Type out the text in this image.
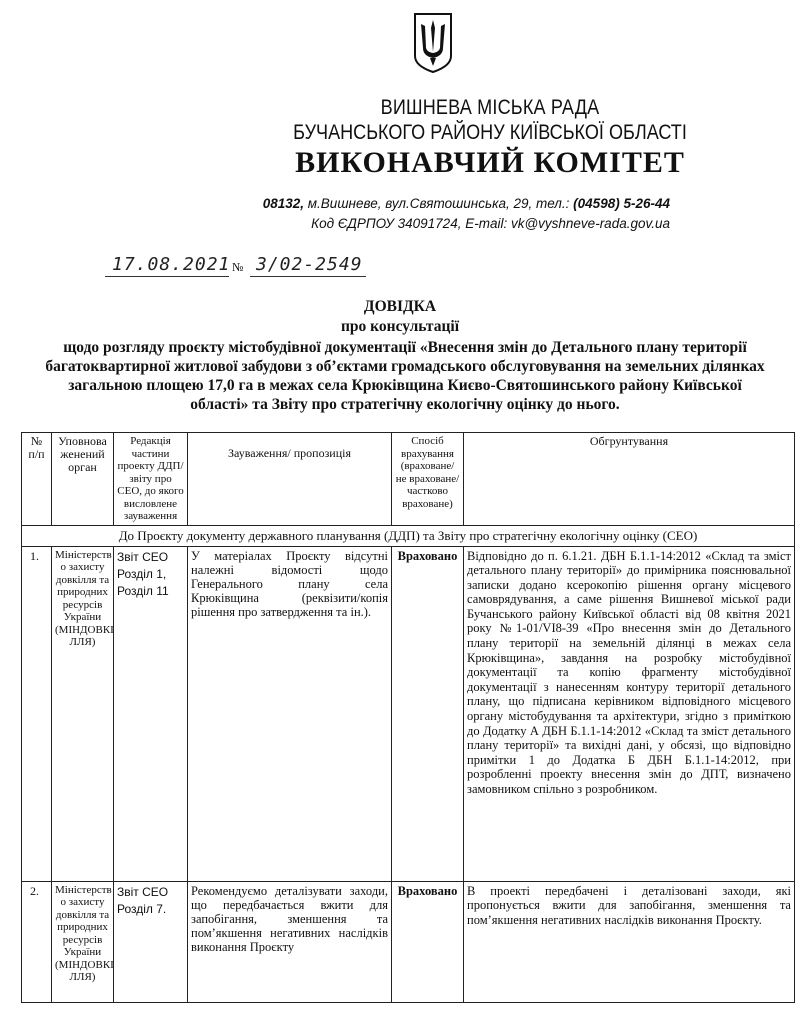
ВИШНЕВА МІСЬКА РАДА
БУЧАНСЬКОГО РАЙОНУ КИЇВСЬКОЇ ОБЛАСТІ
ВИКОНАВЧИЙ КОМІТЕТ
08132, м.Вишневе, вул.Святошинська, 29, тел.: (04598) 5-26-44
Код ЄДРПОУ 34091724, E-mail: vk@vyshneve-rada.gov.ua
17.08.2021 № 3/02-2549
ДОВІДКА
про консультації
щодо розгляду проєкту містобудівної документації «Внесення змін до Детального плану території багатоквартирної житлової забудови з об’єктами громадського обслуговування на земельних ділянках загальною площею 17,0 га в межах села Крюківщина Києво-Святошинського району Київської області» та Звіту про стратегічну екологічну оцінку до нього.
№ п/п	Уповнова женений орган	Редакція частини проекту ДДП/звіту про СЕО, до якого висловлене зауваження	Зауваження/ пропозиція	Спосіб врахування (враховане/ не враховане/ частково враховане)	Обгрунтування
До Проєкту документу державного планування (ДДП) та Звіту про стратегічну екологічну оцінку (СЕО)					
1.	Міністерств о захисту довкілля та природних ресурсів України (МІНДОВКІ ЛЛЯ)	Звіт СЕО Розділ 1, Розділ 11	У матеріалах Проєкту відсутні належні відомості щодо Генерального плану села Крюківщина (реквізити/копія рішення про затвердження та ін.).	Враховано	Відповідно до п. 6.1.21. ДБН Б.1.1-14:2012 «Склад та зміст детального плану території» до примірника пояснювальної записки додано ксерокопію рішення органу місцевого самоврядування, а саме рішення Вишневої міської ради Бучанського району Київської області від 08 квітня 2021 року №1-01/VІ8-39 «Про внесення змін до Детального плану території на земельній ділянці в межах села Крюківщина», завдання на розробку містобудівної документації та копію фрагменту містобудівної документації з нанесенням контуру території детального плану, що підписана керівником відповідного місцевого органу містобудування та архітектури, згідно з приміткою до Додатку А ДБН Б.1.1-14:2012 «Склад та зміст детального плану території» та вихідні дані, у обсязі, що відповідно примітки 1 до Додатка Б ДБН Б.1.1-14:2012, при розробленні проекту внесення змін до ДПТ, визначено замовником спільно з розробником.
2.	Міністерств о захисту довкілля та природних ресурсів України (МІНДОВКІ ЛЛЯ)	Звіт СЕО Розділ 7.	Рекомендуємо деталізувати заходи, що передбачається вжити для запобігання, зменшення та пом’якшення негативних наслідків виконання Проєкту	Враховано	В проекті передбачені і деталізовані заходи, які пропонується вжити для запобігання, зменшення та пом’якшення негативних наслідків виконання Проєкту.
